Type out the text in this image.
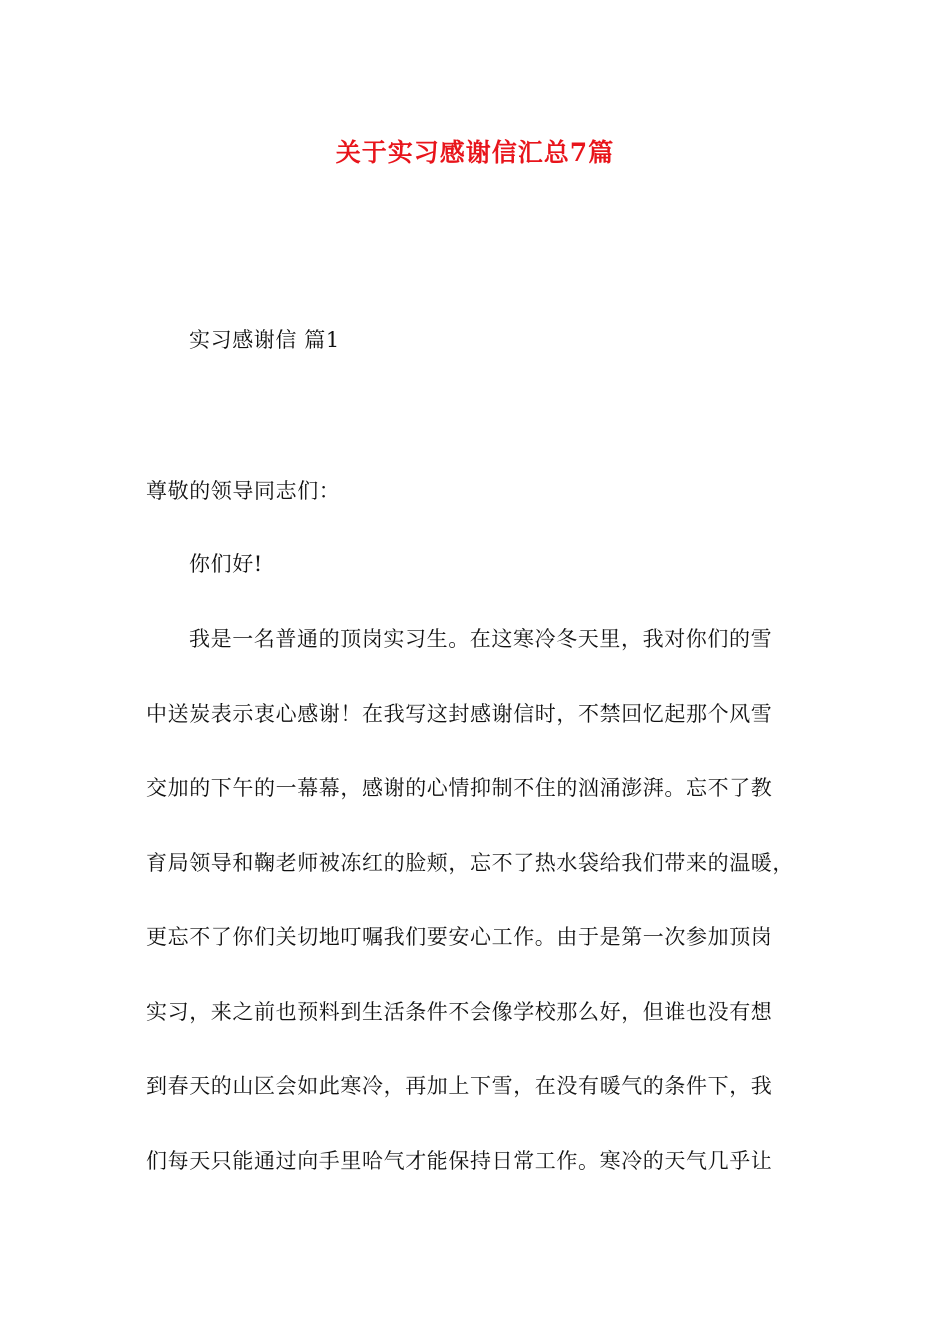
关于实习感谢信汇总7篇
实习感谢信 篇1
尊敬的领导同志们：
你们好!
我是一名普通的顶岗实习生。在这寒冷冬天里，我对你们的雪
中送炭表示衷心感谢！在我写这封感谢信时，不禁回忆起那个风雪
交加的下午的一幕幕，感谢的心情抑制不住的汹涌澎湃。忘不了教
育局领导和鞠老师被冻红的脸颊，忘不了热水袋给我们带来的温暖，
更忘不了你们关切地叮嘱我们要安心工作。由于是第一次参加顶岗
实习，来之前也预料到生活条件不会像学校那么好，但谁也没有想
到春天的山区会如此寒冷，再加上下雪，在没有暖气的条件下，我
们每天只能通过向手里哈气才能保持日常工作。寒冷的天气几乎让
